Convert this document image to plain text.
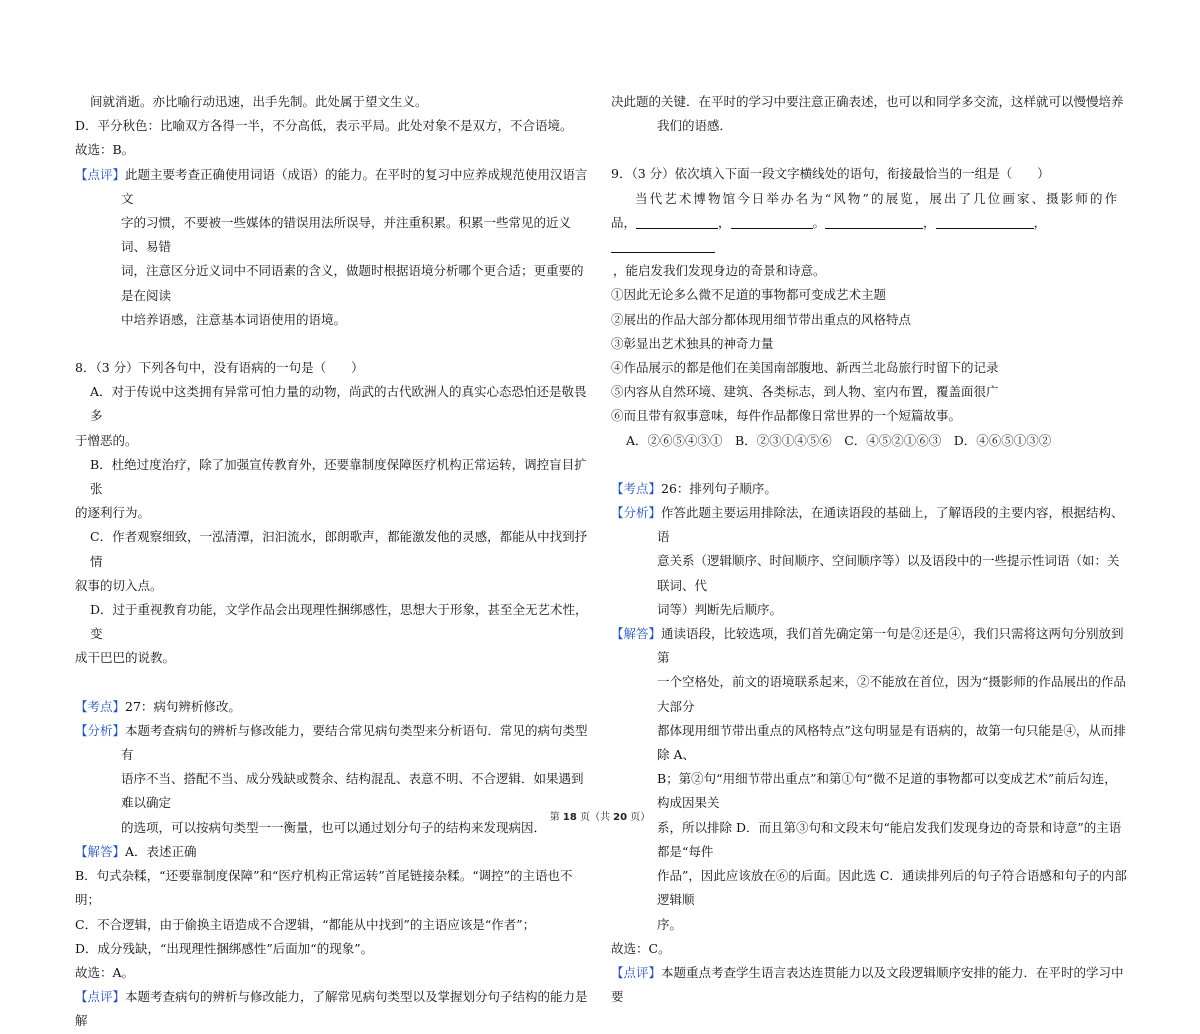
间就消逝。亦比喻行动迅速，出手先制。此处属于望文生义。

D．平分秋色：比喻双方各得一半，不分高低，表示平局。此处对象不是双方，不合语境。

故选：B。

【点评】此题主要考查正确使用词语（成语）的能力。在平时的复习中应养成规范使用汉语言文
字的习惯，不要被一些媒体的错误用法所误导，并注重积累。积累一些常见的近义词、易错
词，注意区分近义词中不同语素的含义，做题时根据语境分析哪个更合适；更重要的是在阅读
中培养语感，注意基本词语使用的语境。

8．（3 分）下列各句中，没有语病的一句是（　　）

A．对于传说中这类拥有异常可怕力量的动物，尚武的古代欧洲人的真实心态恐怕还是敬畏多

于憎恶的。

B．杜绝过度治疗，除了加强宣传教育外，还要靠制度保障医疗机构正常运转，调控盲目扩张

的逐利行为。

C．作者观察细致，一泓清潭，汩汩流水，郎朗歌声，都能激发他的灵感，都能从中找到抒情

叙事的切入点。

D．过于重视教育功能，文学作品会出现理性捆绑感性，思想大于形象，甚至全无艺术性，变

成干巴巴的说教。

【考点】27：病句辨析修改。

【分析】本题考查病句的辨析与修改能力，要结合常见病句类型来分析语句．常见的病句类型有
语序不当、搭配不当、成分残缺或赘余、结构混乱、表意不明、不合逻辑．如果遇到难以确定
的选项，可以按病句类型一一衡量，也可以通过划分句子的结构来发现病因．

【解答】A．表述正确

B．句式杂糅，“还要靠制度保障”和“医疗机构正常运转”首尾链接杂糅。“调控”的主语也不明；

C．不合逻辑，由于偷换主语造成不合逻辑，“都能从中找到”的主语应该是“作者”；

D．成分残缺，“出现理性捆绑感性”后面加“的现象”。

故选：A。

【点评】本题考查病句的辨析与修改能力，了解常见病句类型以及掌握划分句子结构的能力是解

决此题的关键．在平时的学习中要注意正确表述，也可以和同学多交流，这样就可以慢慢培养

我们的语感．

9．（3 分）依次填入下面一段文字横线处的语句，衔接最恰当的一组是（　　）

当代艺术博物馆今日举办名为“风物”的展览，展出了几位画家、摄影师的作

品，	，	。	，	，

，能启发我们发现身边的奇景和诗意。

①因此无论多么微不足道的事物都可变成艺术主题

②展出的作品大部分都体现用细节带出重点的风格特点

③彰显出艺术独具的神奇力量

④作品展示的都是他们在美国南部腹地、新西兰北岛旅行时留下的记录

⑤内容从自然环境、建筑、各类标志，到人物、室内布置，覆盖面很广

⑥而且带有叙事意味，每件作品都像日常世界的一个短篇故事。

A．②⑥⑤④③①　B．②③①④⑤⑥　C．④⑤②①⑥③　D．④⑥⑤①③②

【考点】26：排列句子顺序。

【分析】作答此题主要运用排除法，在通读语段的基础上，了解语段的主要内容，根据结构、语
意关系（逻辑顺序、时间顺序、空间顺序等）以及语段中的一些提示性词语（如：关联词、代
词等）判断先后顺序。
【解答】通读语段，比较选项，我们首先确定第一句是②还是④，我们只需将这两句分别放到第
一个空格处，前文的语境联系起来，②不能放在首位，因为“摄影师的作品展出的作品大部分
都体现用细节带出重点的风格特点”这句明显是有语病的，故第一句只能是④，从而排除 A、
B；第②句“用细节带出重点”和第①句“微不足道的事物都可以变成艺术”前后勾连，构成因果关
系，所以排除 D．而且第③句和文段末句“能启发我们发现身边的奇景和诗意”的主语都是“每件
作品”，因此应该放在⑥的后面。因此选 C．通读排列后的句子符合语感和句子的内部逻辑顺
序。

故选：C。

【点评】本题重点考查学生语言表达连贯能力以及文段逻辑顺序安排的能力．在平时的学习中要

第 18 页（共 20 页）
